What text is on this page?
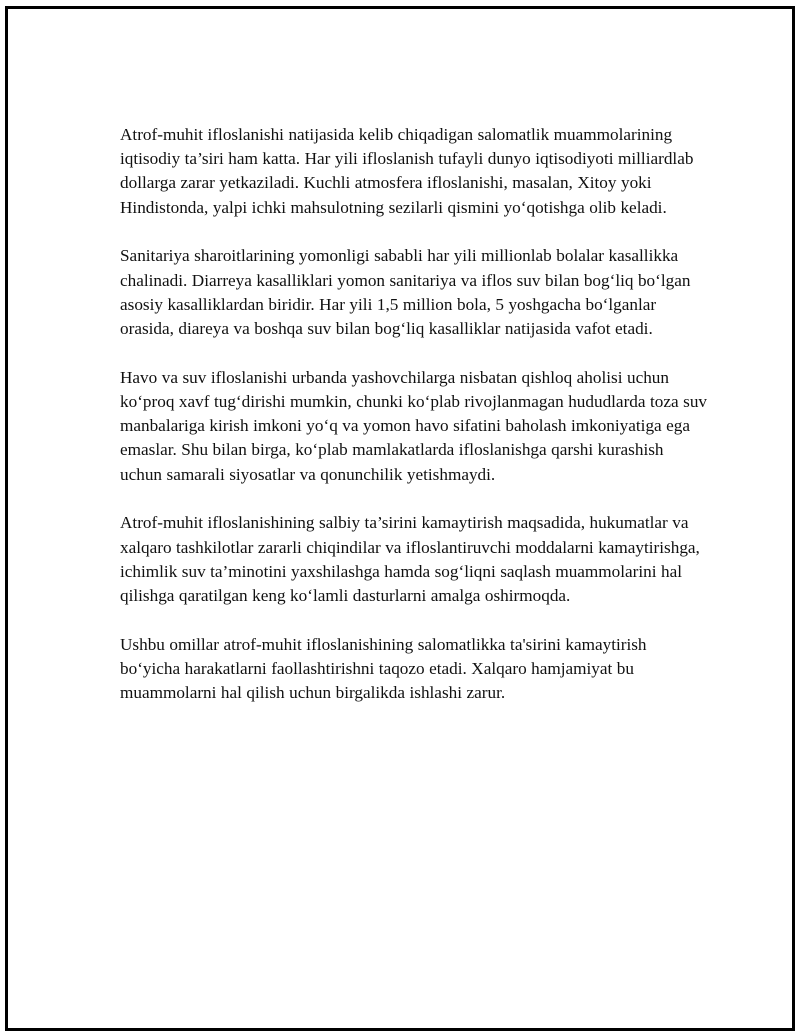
Atrof-muhit ifloslanishi natijasida kelib chiqadigan salomatlik muammolarining iqtisodiy ta’siri ham katta. Har yili ifloslanish tufayli dunyo iqtisodiyoti milliardlab dollarga zarar yetkaziladi. Kuchli atmosfera ifloslanishi, masalan, Xitoy yoki Hindistonda, yalpi ichki mahsulotning sezilarli qismini yo‘qotishga olib keladi.

Sanitariya sharoitlarining yomonligi sababli har yili millionlab bolalar kasallikka chalinadi. Diarreya kasalliklari yomon sanitariya va iflos suv bilan bog‘liq bo‘lgan asosiy kasalliklardan biridir. Har yili 1,5 million bola, 5 yoshgacha bo‘lganlar orasida, diareya va boshqa suv bilan bog‘liq kasalliklar natijasida vafot etadi.

Havo va suv ifloslanishi urbanda yashovchilarga nisbatan qishloq aholisi uchun ko‘proq xavf tug‘dirishi mumkin, chunki ko‘plab rivojlanmagan hududlarda toza suv manbalariga kirish imkoni yo‘q va yomon havo sifatini baholash imkoniyatiga ega emaslar. Shu bilan birga, ko‘plab mamlakatlarda ifloslanishga qarshi kurashish uchun samarali siyosatlar va qonunchilik yetishmaydi.

Atrof-muhit ifloslanishining salbiy ta’sirini kamaytirish maqsadida, hukumatlar va xalqaro tashkilotlar zararli chiqindilar va ifloslantiruvchi moddalarni kamaytirishga, ichimlik suv ta’minotini yaxshilashga hamda sog‘liqni saqlash muammolarini hal qilishga qaratilgan keng ko‘lamli dasturlarni amalga oshirmoqda.

Ushbu omillar atrof-muhit ifloslanishining salomatlikka ta'sirini kamaytirish bo‘yicha harakatlarni faollashtirishni taqozo etadi. Xalqaro hamjamiyat bu muammolarni hal qilish uchun birgalikda ishlashi zarur.
